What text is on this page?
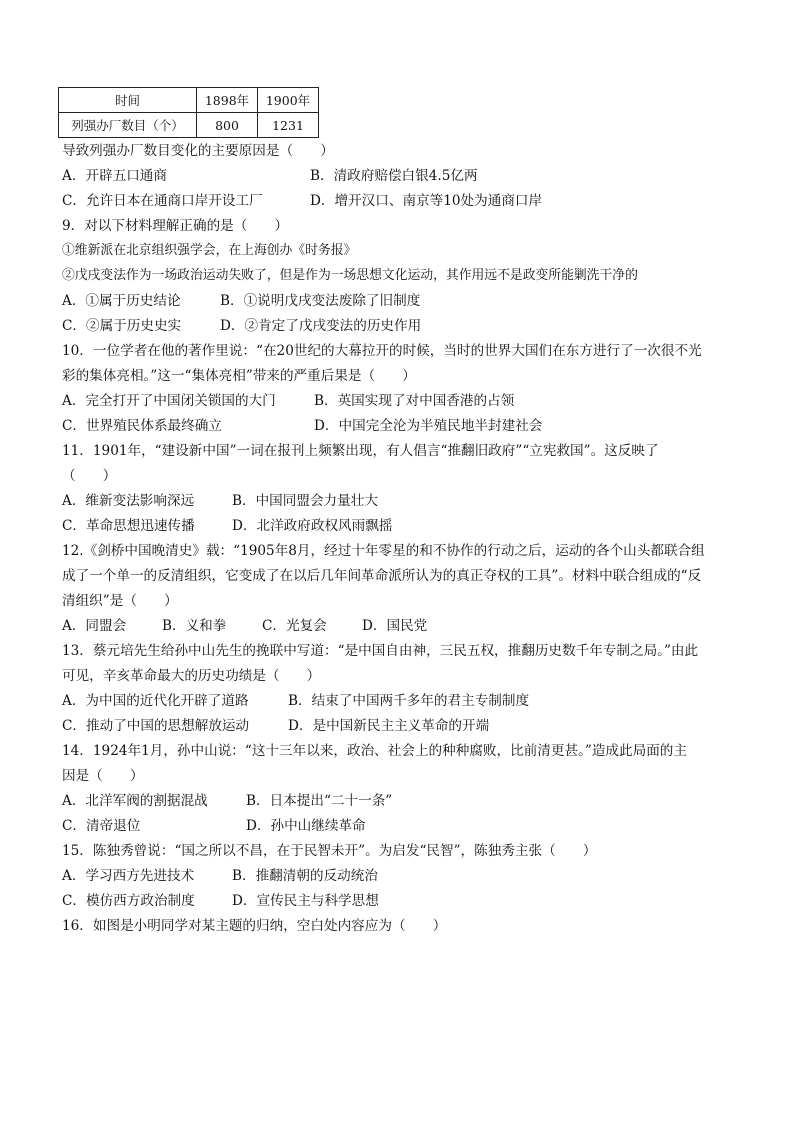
时间	1898年	1900年
列强办厂数目（个）	800	1231
导致列强办厂数目变化的主要原因是（　　）
A．开辟五口通商	B．清政府赔偿白银4.5亿两
C．允许日本在通商口岸开设工厂	D．增开汉口、南京等10处为通商口岸
9．对以下材料理解正确的是（　　）
①维新派在北京组织强学会，在上海创办《时务报》
②戊戌变法作为一场政治运动失败了，但是作为一场思想文化运动，其作用远不是政变所能剿洗干净的
A．①属于历史结论	B．①说明戊戌变法废除了旧制度
C．②属于历史史实	D．②肯定了戊戌变法的历史作用
10．一位学者在他的著作里说：“在20世纪的大幕拉开的时候，当时的世界大国们在东方进行了一次很不光
彩的集体亮相。”这一“集体亮相”带来的严重后果是（　　）
A．完全打开了中国闭关锁国的大门	B．英国实现了对中国香港的占领
C．世界殖民体系最终确立	D．中国完全沦为半殖民地半封建社会
11．1901年，“建设新中国”一词在报刊上频繁出现，有人倡言“推翻旧政府”“立宪救国”。这反映了
（　　）
A．维新变法影响深远	B．中国同盟会力量壮大
C．革命思想迅速传播	D．北洋政府政权风雨飘摇
12.《剑桥中国晚清史》载：“1905年8月，经过十年零星的和不协作的行动之后，运动的各个山头都联合组
成了一个单一的反清组织，它变成了在以后几年间革命派所认为的真正夺权的工具”。材料中联合组成的“反
清组织”是（　　）
A．同盟会	B．义和拳	C．光复会	D．国民党
13．蔡元培先生给孙中山先生的挽联中写道：“是中国自由神，三民五权，推翻历史数千年专制之局。”由此
可见，辛亥革命最大的历史功绩是（　　）
A．为中国的近代化开辟了道路	B．结束了中国两千多年的君主专制制度
C．推动了中国的思想解放运动	D．是中国新民主主义革命的开端
14．1924年1月，孙中山说：“这十三年以来，政治、社会上的种种腐败，比前清更甚。”造成此局面的主
因是（　　）
A．北洋军阀的割据混战	B．日本提出“二十一条”
C．清帝退位	D．孙中山继续革命
15．陈独秀曾说：“国之所以不昌，在于民智未开”。为启发“民智”，陈独秀主张（　　）
A．学习西方先进技术	B．推翻清朝的反动统治
C．模仿西方政治制度	D．宣传民主与科学思想
16．如图是小明同学对某主题的归纳，空白处内容应为（　　）
